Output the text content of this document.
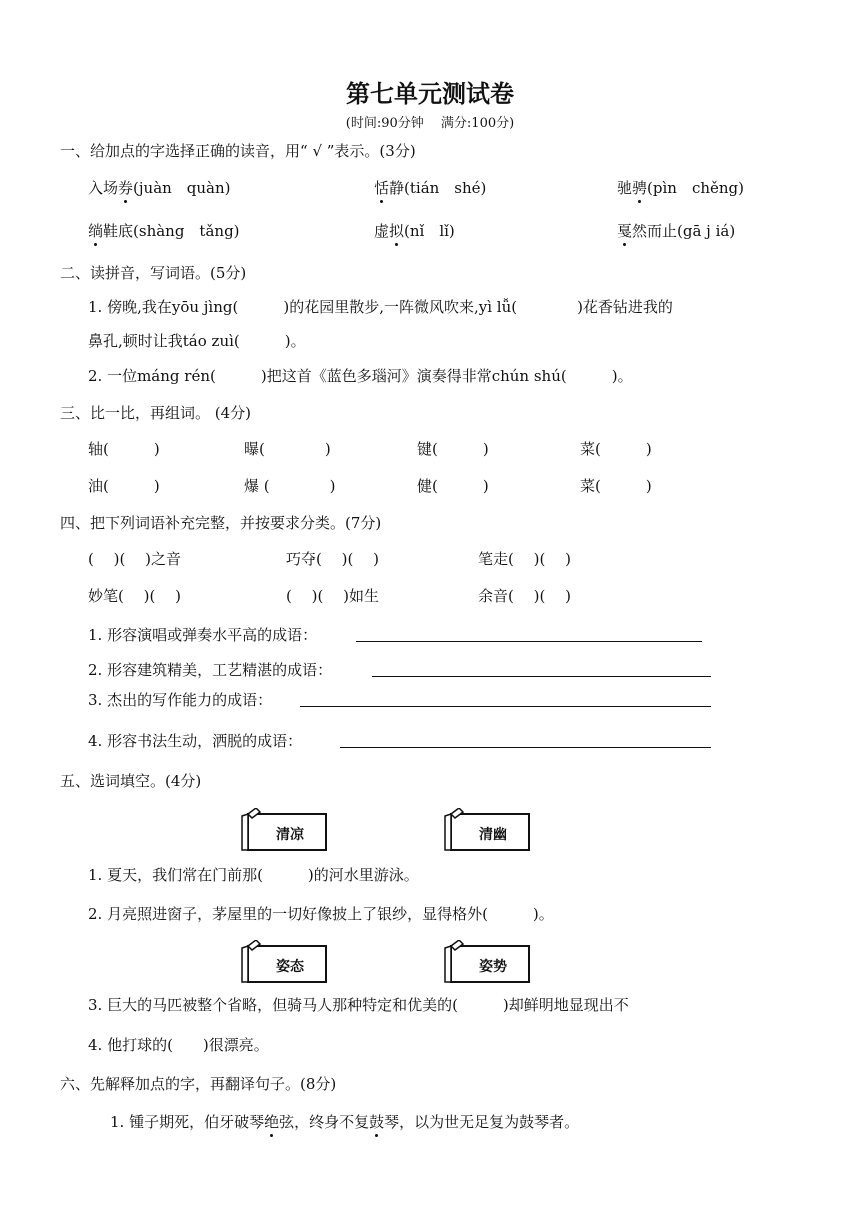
第七单元测试卷
(时间:90分钟　 满分:100分)
一、给加点的字选择正确的读音，用“ √ ”表示。(3分)
入场券(juàn　quàn)	恬静(tián　shé)	驰骋(pìn　chěng)
绱鞋底(shàng　tǎng)	虚拟(nǐ　lǐ)	戛然而止(gā j iá)
二、读拼音，写词语。(5分)
1. 傍晚,我在yōu jìng(　　　)的花园里散步,一阵微风吹来,yì lǚ(　　　　)花香钻进我的
鼻孔,顿时让我táo zuì(　　　)。
2. 一位máng rén(　　　)把这首《蓝色多瑙河》演奏得非常chún shú(　　　)。
三、比一比，再组词。 (4分)
轴(　　　)	曝(　　　　)	键(　　　)	菜(　　　)
油(　　　)	爆 (　　　　)	健(　　　)	菜(　　　)
四、把下列词语补充完整，并按要求分类。(7分)
(　 )(　 )之音	巧夺(　 )(　 )	笔走(　 )(　 )
妙笔(　 )(　 )	(　 )(　 )如生	余音(　 )(　 )
1. 形容演唱或弹奏水平高的成语：
2. 形容建筑精美，工艺精湛的成语：
3. 杰出的写作能力的成语：
4. 形容书法生动，洒脱的成语：
五、选词填空。(4分)
清凉	清幽
1. 夏天，我们常在门前那(　　　)的河水里游泳。
2. 月亮照进窗子，茅屋里的一切好像披上了银纱，显得格外(　　　)。
姿态	姿势
3. 巨大的马匹被整个省略，但骑马人那种特定和优美的(　　　)却鲜明地显现出不
4. 他打球的(　　)很漂亮。
六、先解释加点的字，再翻译句子。(8分)
1. 锺子期死，伯牙破琴绝弦，终身不复鼓琴，以为世无足复为鼓琴者。
